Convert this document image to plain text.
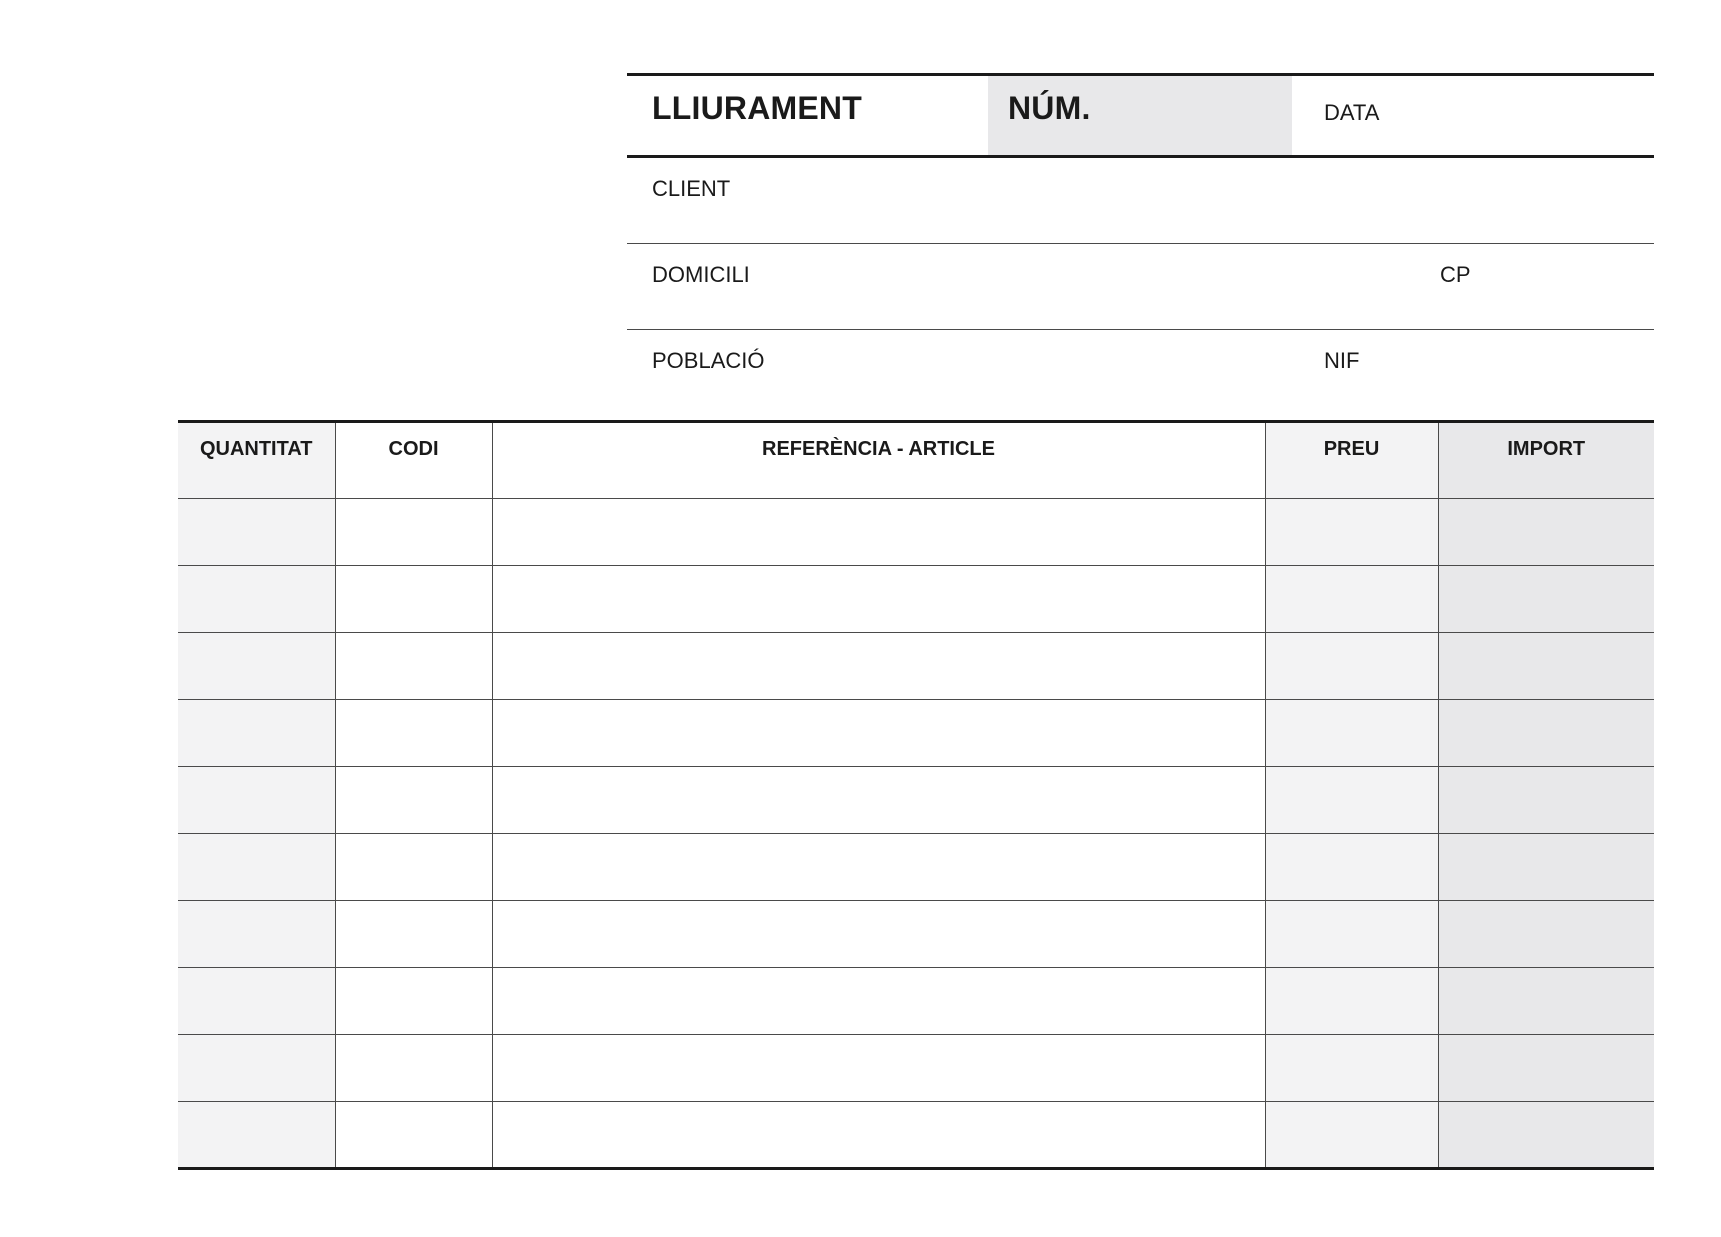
LLIURAMENT	NÚM.	DATA
CLIENT
DOMICILI	CP
POBLACIÓ	NIF
QUANTITAT	CODI	REFERÈNCIA - ARTICLE	PREU	IMPORT
